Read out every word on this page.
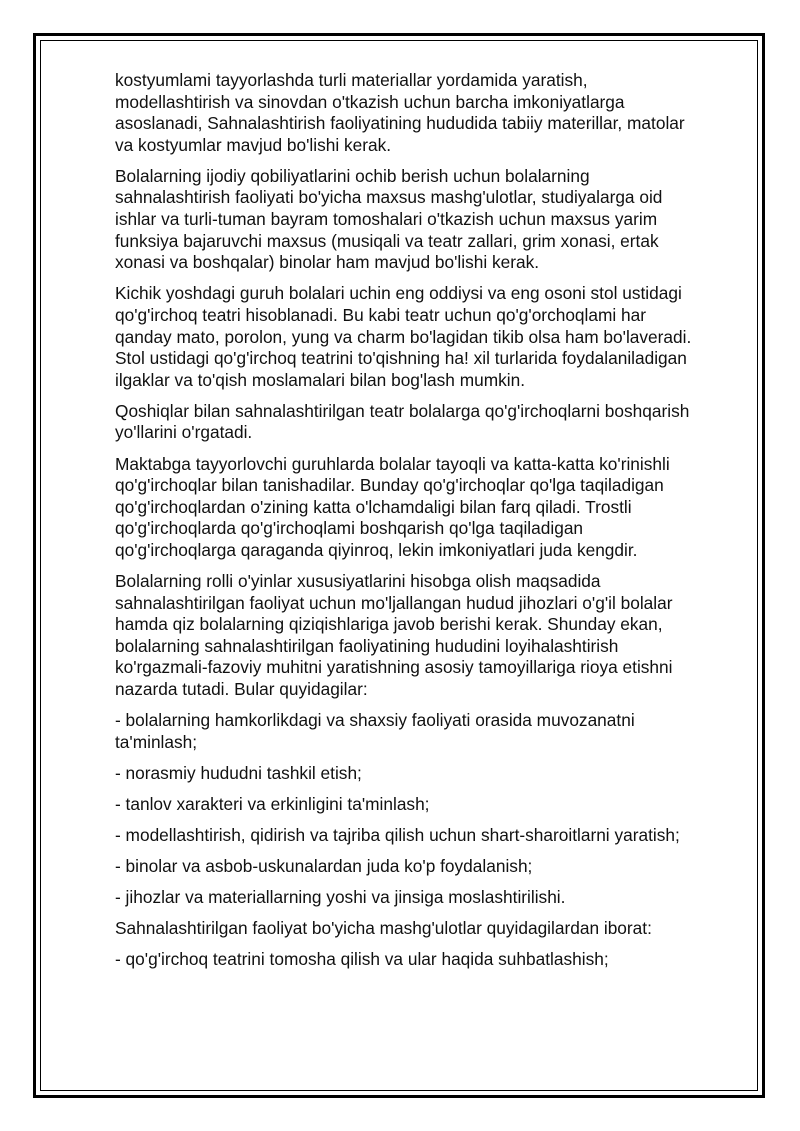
kostyumlami tayyorlashda turli materiallar yordamida yaratish, modellashtirish va sinovdan o'tkazish uchun barcha imkoniyatlarga asoslanadi, Sahnalashtirish faoliyatining hududida tabiiy materillar, matolar va kostyumlar mavjud bo'lishi kerak.

Bolalarning ijodiy qobiliyatlarini ochib berish uchun bolalarning sahnalashtirish faoliyati bo'yicha maxsus mashg'ulotlar, studiyalarga oid ishlar va turli-tuman bayram tomoshalari o'tkazish uchun maxsus yarim funksiya bajaruvchi maxsus (musiqali va teatr zallari, grim xonasi, ertak xonasi va boshqalar) binolar ham mavjud bo'lishi kerak.

Kichik yoshdagi guruh bolalari uchin eng oddiysi va eng osoni stol ustidagi qo'g'irchoq teatri hisoblanadi. Bu kabi teatr uchun qo'g'orchoqlami har qanday mato, porolon, yung va charm bo'lagidan tikib olsa ham bo'laveradi. Stol ustidagi qo'g'irchoq teatrini to'qishning ha! xil turlarida foydalaniladigan ilgaklar va to'qish moslamalari bilan bog'lash mumkin.

Qoshiqlar bilan sahnalashtirilgan teatr bolalarga qo'g'irchoqlarni boshqarish yo'llarini o'rgatadi.

Maktabga tayyorlovchi guruhlarda bolalar tayoqli va katta-katta ko'rinishli qo'g'irchoqlar bilan tanishadilar. Bunday qo'g'irchoqlar qo'lga taqiladigan qo'g'irchoqlardan o'zining katta o'lchamdaligi bilan farq qiladi. Trostli qo'g'irchoqlarda qo'g'irchoqlami boshqarish qo'lga taqiladigan qo'g'irchoqlarga qaraganda qiyinroq, lekin imkoniyatlari juda kengdir.

Bolalarning rolli o'yinlar xususiyatlarini hisobga olish maqsadida sahnalashtirilgan faoliyat uchun mo'ljallangan hudud jihozlari o'g'il bolalar hamda qiz bolalarning qiziqishlariga javob berishi kerak. Shunday ekan, bolalarning sahnalashtirilgan faoliyatining hududini loyihalashtirish ko'rgazmali-fazoviy muhitni yaratishning asosiy tamoyillariga rioya etishni nazarda tutadi. Bular quyidagilar:

- bolalarning hamkorlikdagi va shaxsiy faoliyati orasida muvozanatni ta'minlash;

- norasmiy hududni tashkil etish;

- tanlov xarakteri va erkinligini ta'minlash;

- modellashtirish, qidirish va tajriba qilish uchun shart-sharoitlarni yaratish;

- binolar va asbob-uskunalardan juda ko'p foydalanish;

- jihozlar va materiallarning yoshi va jinsiga moslashtirilishi.

Sahnalashtirilgan faoliyat bo'yicha mashg'ulotlar quyidagilardan iborat:

- qo'g'irchoq teatrini tomosha qilish va ular haqida suhbatlashish;
